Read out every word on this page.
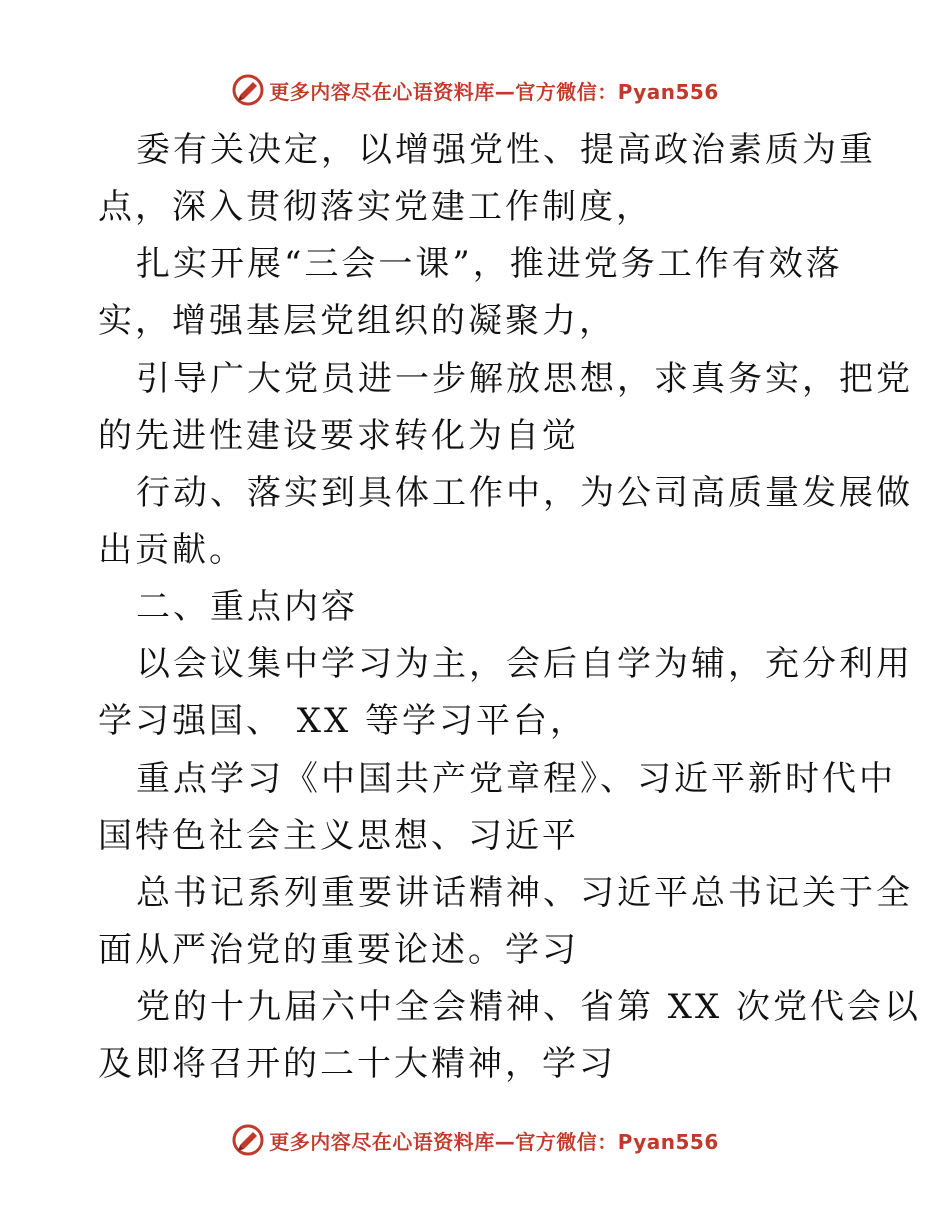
更多内容尽在心语资料库—官方微信：Pyan556
委有关决定，以增强党性、提高政治素质为重
点，深入贯彻落实党建工作制度，
扎实开展“三会一课”，推进党务工作有效落
实，增强基层党组织的凝聚力，
引导广大党员进一步解放思想，求真务实，把党
的先进性建设要求转化为自觉
行动、落实到具体工作中，为公司高质量发展做
出贡献。
二、重点内容
以会议集中学习为主，会后自学为辅，充分利用
学习强国、 XX 等学习平台，
重点学习《中国共产党章程》、习近平新时代中
国特色社会主义思想、习近平
总书记系列重要讲话精神、习近平总书记关于全
面从严治党的重要论述。学习
党的十九届六中全会精神、省第 XX 次党代会以
及即将召开的二十大精神，学习
更多内容尽在心语资料库—官方微信：Pyan556
